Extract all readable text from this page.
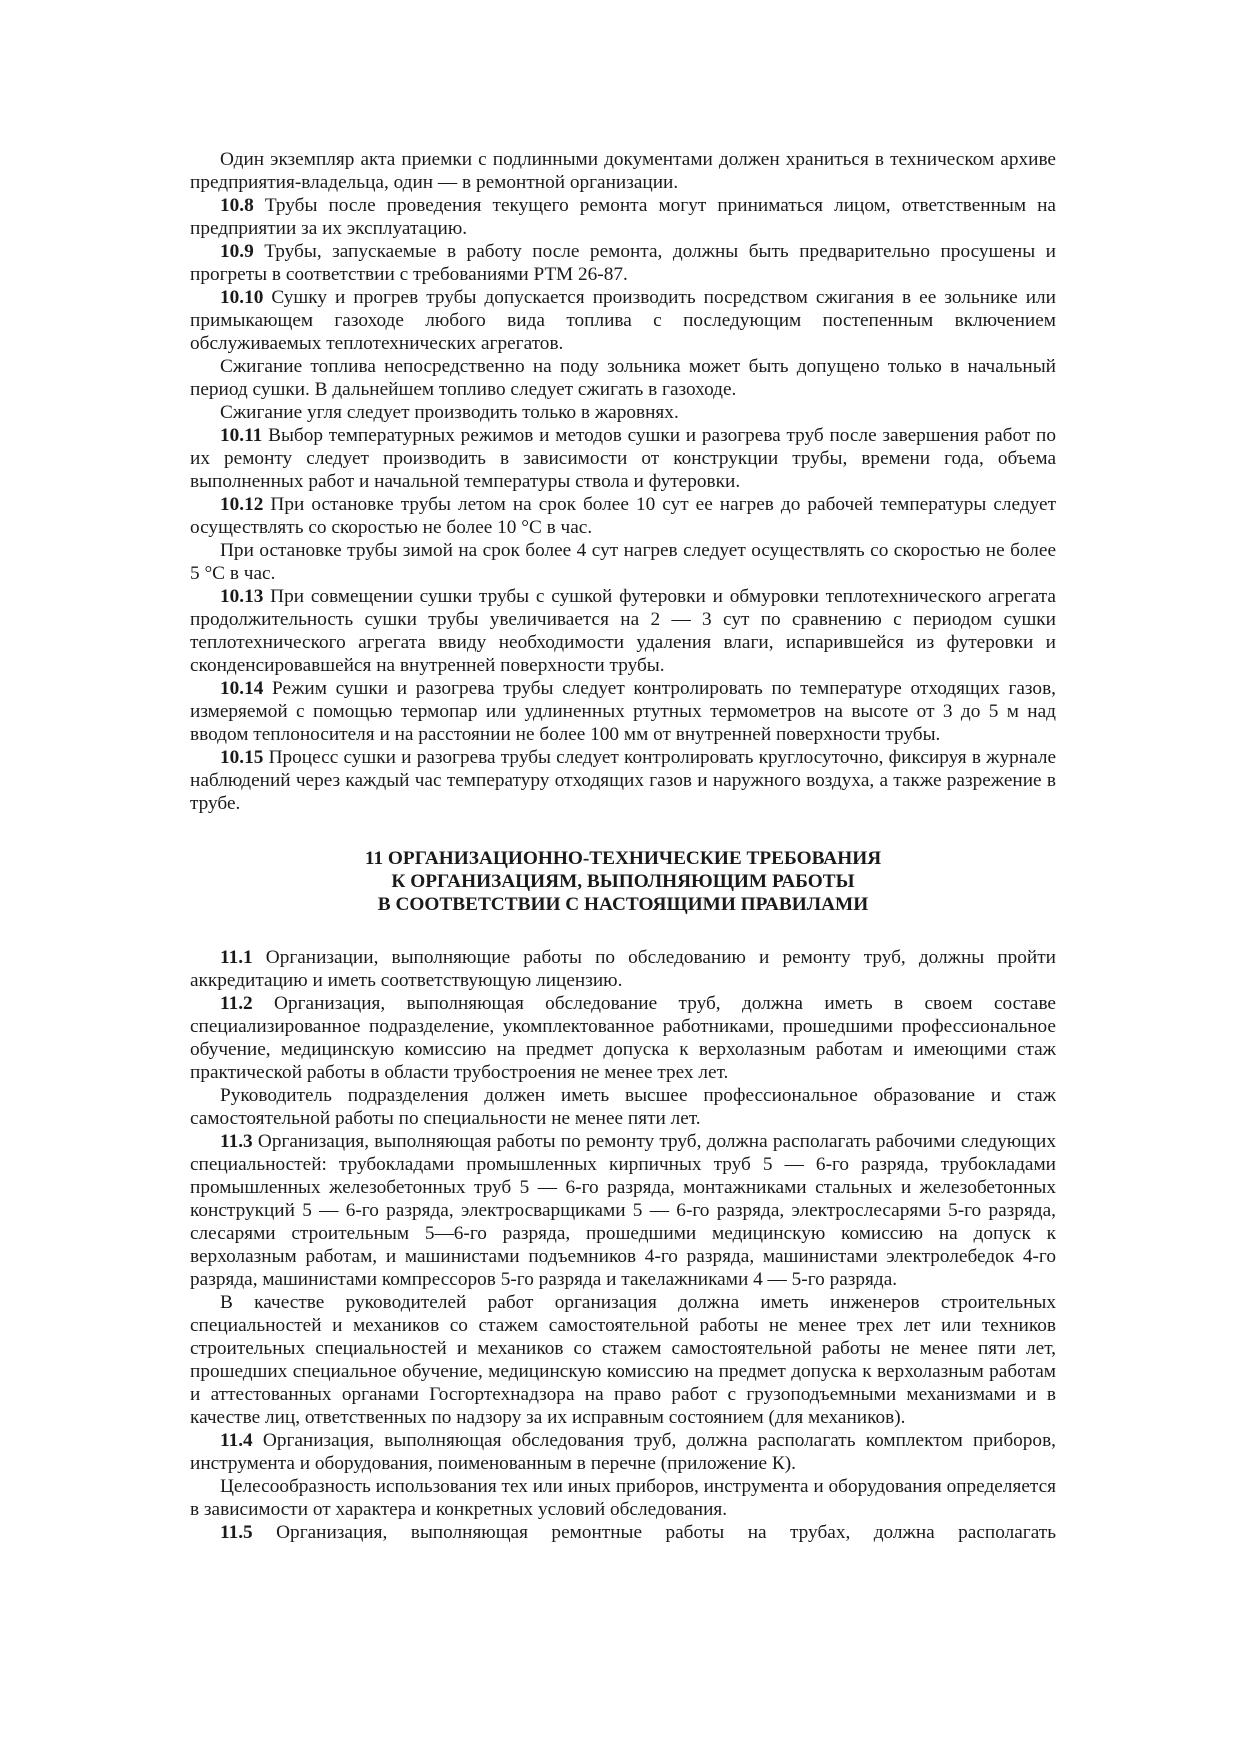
Один экземпляр акта приемки с подлинными документами должен храниться в техническом архиве предприятия-владельца, один — в ремонтной организации.

10.8 Трубы после проведения текущего ремонта могут приниматься лицом, ответственным на предприятии за их эксплуатацию.

10.9 Трубы, запускаемые в работу после ремонта, должны быть предварительно просушены и прогреты в соответствии с требованиями РТМ 26-87.

10.10 Сушку и прогрев трубы допускается производить посредством сжигания в ее зольнике или примыкающем газоходе любого вида топлива с последующим постепенным включением обслуживаемых теплотехнических агрегатов.

Сжигание топлива непосредственно на поду зольника может быть допущено только в начальный период сушки. В дальнейшем топливо следует сжигать в газоходе.

Сжигание угля следует производить только в жаровнях.

10.11 Выбор температурных режимов и методов сушки и разогрева труб после завершения работ по их ремонту следует производить в зависимости от конструкции трубы, времени года, объема выполненных работ и начальной температуры ствола и футеровки.

10.12 При остановке трубы летом на срок более 10 сут ее нагрев до рабочей температуры следует осуществлять со скоростью не более 10 °С в час.

При остановке трубы зимой на срок более 4 сут нагрев следует осуществлять со скоростью не более 5 °С в час.

10.13 При совмещении сушки трубы с сушкой футеровки и обмуровки теплотехнического агрегата продолжительность сушки трубы увеличивается на 2 — 3 сут по сравнению с периодом сушки теплотехнического агрегата ввиду необходимости удаления влаги, испарившейся из футеровки и сконденсировавшейся на внутренней поверхности трубы.

10.14 Режим сушки и разогрева трубы следует контролировать по температуре отходящих газов, измеряемой с помощью термопар или удлиненных ртутных термометров на высоте от 3 до 5 м над вводом теплоносителя и на расстоянии не более 100 мм от внутренней поверхности трубы.

10.15 Процесс сушки и разогрева трубы следует контролировать круглосуточно, фиксируя в журнале наблюдений через каждый час температуру отходящих газов и наружного воздуха, а также разрежение в трубе.

11 ОРГАНИЗАЦИОННО-ТЕХНИЧЕСКИЕ ТРЕБОВАНИЯ
К ОРГАНИЗАЦИЯМ, ВЫПОЛНЯЮЩИМ РАБОТЫ
В СООТВЕТСТВИИ С НАСТОЯЩИМИ ПРАВИЛАМИ

11.1 Организации, выполняющие работы по обследованию и ремонту труб, должны пройти аккредитацию и иметь соответствующую лицензию.

11.2 Организация, выполняющая обследование труб, должна иметь в своем составе специализированное подразделение, укомплектованное работниками, прошедшими профессиональное обучение, медицинскую комиссию на предмет допуска к верхолазным работам и имеющими стаж практической работы в области трубостроения не менее трех лет.

Руководитель подразделения должен иметь высшее профессиональное образование и стаж самостоятельной работы по специальности не менее пяти лет.

11.3 Организация, выполняющая работы по ремонту труб, должна располагать рабочими следующих специальностей: трубокладами промышленных кирпичных труб 5 — 6-го разряда, трубокладами промышленных железобетонных труб 5 — 6-го разряда, монтажниками стальных и железобетонных конструкций 5 — 6-го разряда, электросварщиками 5 — 6-го разряда, электрослесарями 5-го разряда, слесарями строительным 5—6-го разряда, прошедшими медицинскую комиссию на допуск к верхолазным работам, и машинистами подъемников 4-го разряда, машинистами электролебедок 4-го разряда, машинистами компрессоров 5-го разряда и такелажниками 4 — 5-го разряда.

В качестве руководителей работ организация должна иметь инженеров строительных специальностей и механиков со стажем самостоятельной работы не менее трех лет или техников строительных специальностей и механиков со стажем самостоятельной работы не менее пяти лет, прошедших специальное обучение, медицинскую комиссию на предмет допуска к верхолазным работам и аттестованных органами Госгортехнадзора на право работ с грузоподъемными механизмами и в качестве лиц, ответственных по надзору за их исправным состоянием (для механиков).

11.4 Организация, выполняющая обследования труб, должна располагать комплектом приборов, инструмента и оборудования, поименованным в перечне (приложение К).

Целесообразность использования тех или иных приборов, инструмента и оборудования определяется в зависимости от характера и конкретных условий обследования.

11.5 Организация, выполняющая ремонтные работы на трубах, должна располагать
